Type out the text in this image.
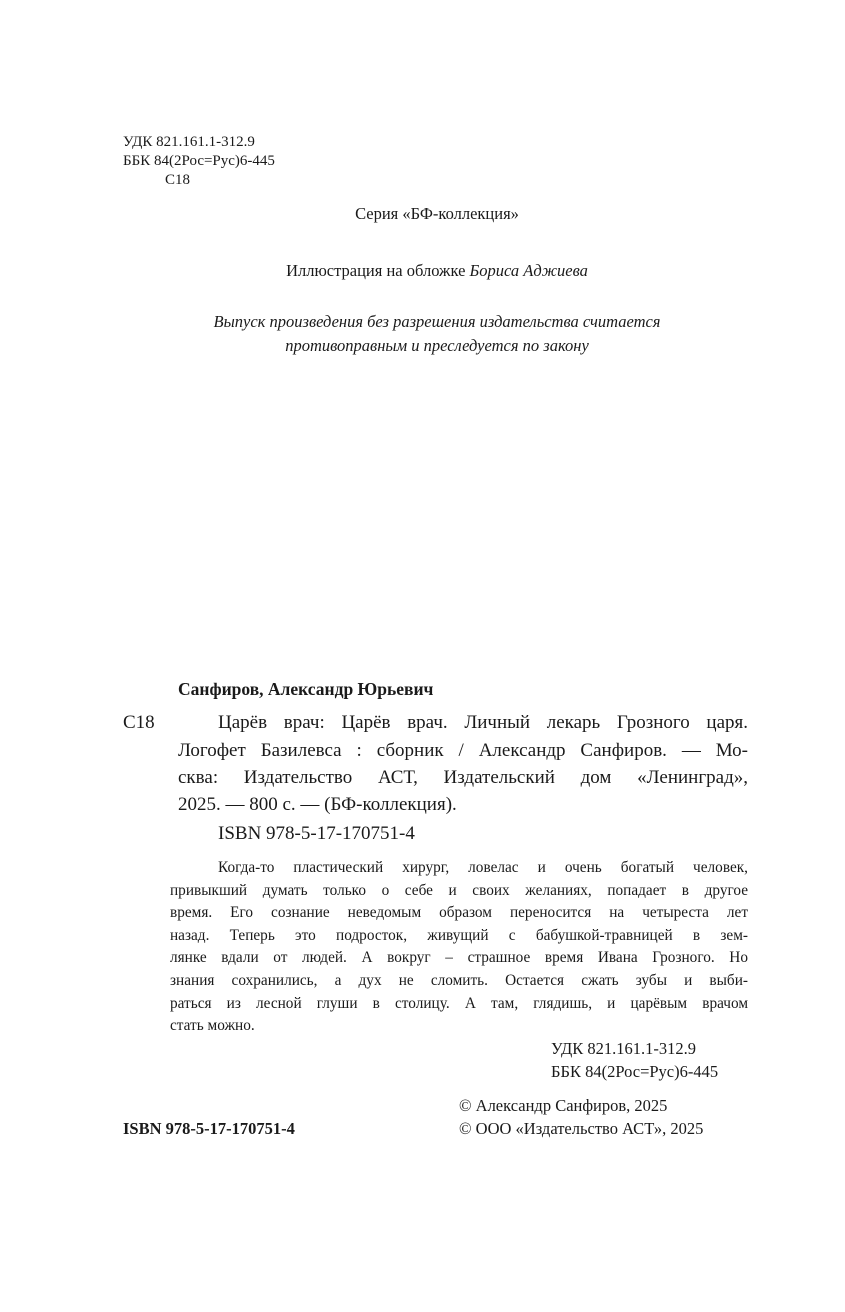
УДК 821.161.1-312.9
ББК 84(2Рос=Рус)6-445
С18
Серия «БФ-коллекция»
Иллюстрация на обложке Бориса Аджиева
Выпуск произведения без разрешения издательства считается
противоправным и преследуется по закону
Санфиров, Александр Юрьевич
С18	Царёв врач: Царёв врач. Личный лекарь Грозного царя.
Логофет Базилевса : сборник / Александр Санфиров. — Мо-
сква: Издательство АСТ, Издательский дом «Ленинград»,
2025. — 800 с. — (БФ-коллекция).
ISBN 978-5-17-170751-4
Когда-то пластический хирург, ловелас и очень богатый человек,
привыкший думать только о себе и своих желаниях, попадает в другое
время. Его сознание неведомым образом переносится на четыреста лет
назад. Теперь это подросток, живущий с бабушкой-травницей в зем-
лянке вдали от людей. А вокруг – страшное время Ивана Грозного. Но
знания сохранились, а дух не сломить. Остается сжать зубы и выби-
раться из лесной глуши в столицу. А там, глядишь, и царёвым врачом
стать можно.
УДК 821.161.1-312.9
ББК 84(2Рос=Рус)6-445
© Александр Санфиров, 2025
© ООО «Издательство АСТ», 2025
ISBN 978-5-17-170751-4
